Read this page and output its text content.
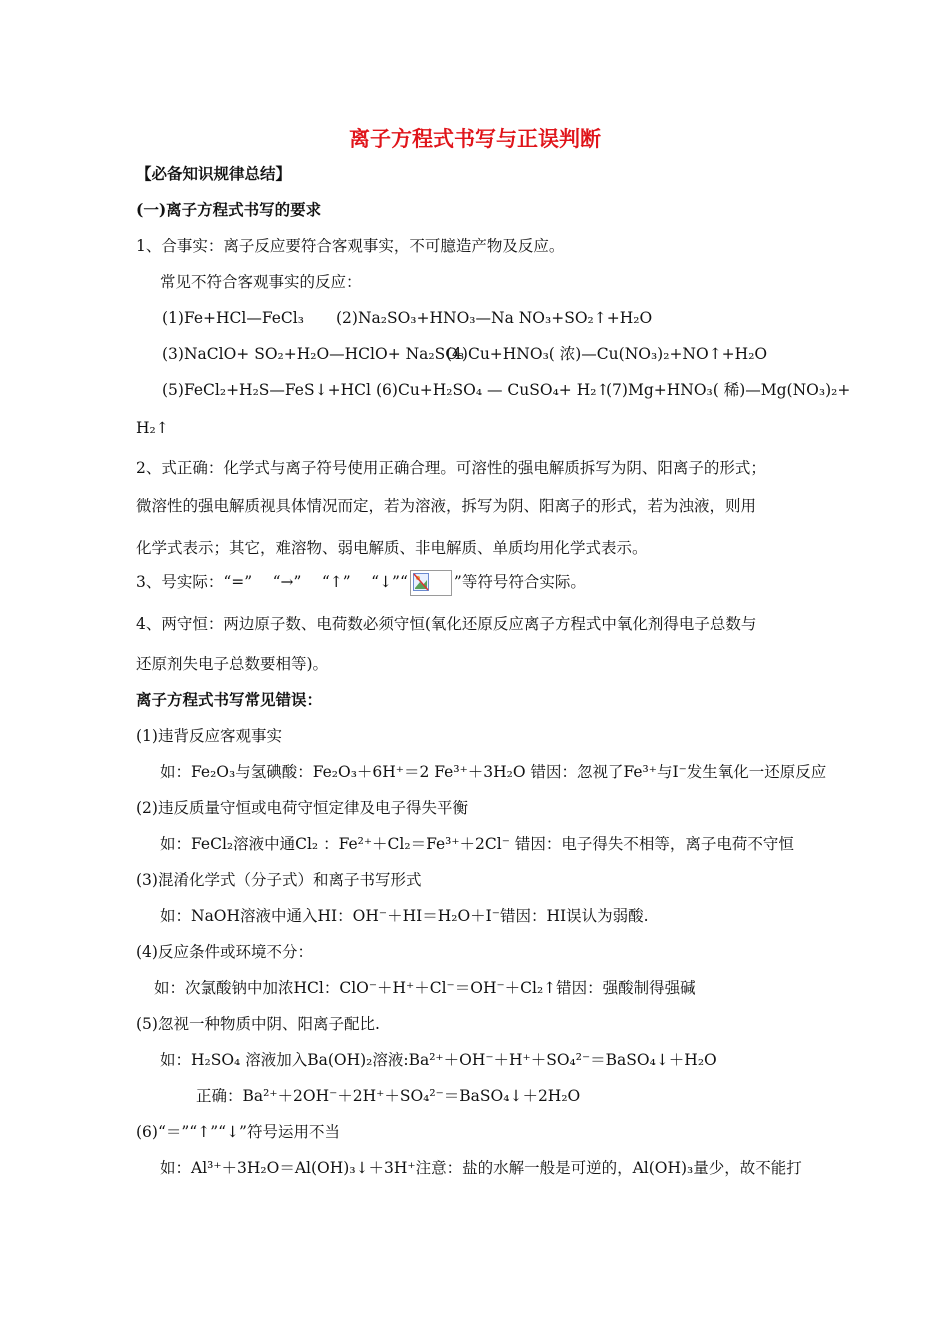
离子方程式书写与正误判断
【必备知识规律总结】
(一)离子方程式书写的要求
1、合事实：离子反应要符合客观事实，不可臆造产物及反应。
常见不符合客观事实的反应：
(1)Fe+HCl—FeCl₃ (2)Na₂SO₃+HNO₃—Na NO₃+SO₂↑+H₂O
(3)NaClO+ SO₂+H₂O—HClO+ Na₂SO₃
(4)Cu+HNO₃( 浓)—Cu(NO₃)₂+NO↑+H₂O
(5)FeCl₂+H₂S—FeS↓+HCl (6)Cu+H₂SO₄ — CuSO₄+ H₂↑
(7)Mg+HNO₃( 稀)—Mg(NO₃)₂+
H₂↑
2、式正确：化学式与离子符号使用正确合理。可溶性的强电解质拆写为阴、阳离子的形式；
微溶性的强电解质视具体情况而定，若为溶液，拆写为阴、阳离子的形式，若为浊液，则用
化学式表示；其它，难溶物、弱电解质、非电解质、单质均用化学式表示。
3、号实际：“=”　 “→”　 “↑”　 “↓”“	”等符号符合实际。
4、两守恒：两边原子数、电荷数必须守恒(氧化还原反应离子方程式中氧化剂得电子总数与
还原剂失电子总数要相等)。
离子方程式书写常见错误：
(1)违背反应客观事实
如：Fe₂O₃与氢碘酸：Fe₂O₃＋6H⁺＝2 Fe³⁺＋3H₂O 错因：忽视了Fe³⁺与I⁻发生氧化一还原反应
(2)违反质量守恒或电荷守恒定律及电子得失平衡
如：FeCl₂溶液中通Cl₂ ：Fe²⁺＋Cl₂＝Fe³⁺＋2Cl⁻ 错因：电子得失不相等，离子电荷不守恒
(3)混淆化学式（分子式）和离子书写形式
如：NaOH溶液中通入HI：OH⁻＋HI＝H₂O＋I⁻错因：HI误认为弱酸.
(4)反应条件或环境不分：
如：次氯酸钠中加浓HCl：ClO⁻＋H⁺＋Cl⁻＝OH⁻＋Cl₂↑错因：强酸制得强碱
(5)忽视一种物质中阴、阳离子配比.
如：H₂SO₄ 溶液加入Ba(OH)₂溶液:Ba²⁺＋OH⁻＋H⁺＋SO₄²⁻＝BaSO₄↓＋H₂O
正确：Ba²⁺＋2OH⁻＋2H⁺＋SO₄²⁻＝BaSO₄↓＋2H₂O
(6)“＝”“↑”“↓”符号运用不当
如：Al³⁺＋3H₂O＝Al(OH)₃↓＋3H⁺注意：盐的水解一般是可逆的，Al(OH)₃量少，故不能打
